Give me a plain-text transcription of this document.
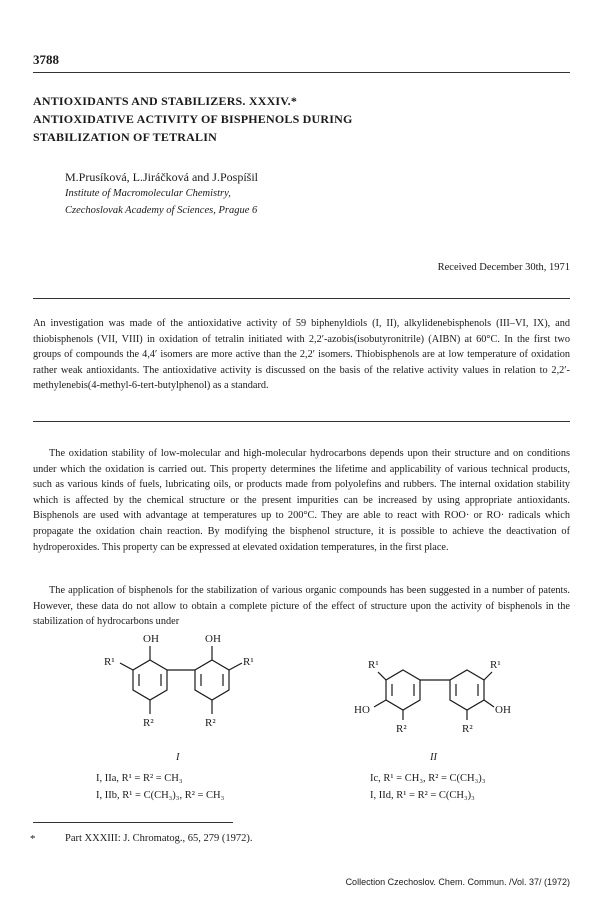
3788
ANTIOXIDANTS AND STABILIZERS. XXXIV.*
ANTIOXIDATIVE ACTIVITY OF BISPHENOLS DURING
STABILIZATION OF TETRALIN
M.Prusíková, L.Jiráčková and J.Pospíšil
Institute of Macromolecular Chemistry,
Czechoslovak Academy of Sciences, Prague 6
Received December 30th, 1971

An investigation was made of the antioxidative activity of 59 biphenyldiols (I, II), alkylidenebisphenols (III–VI, IX), and thiobisphenols (VII, VIII) in oxidation of tetralin initiated with 2,2′-azobis(isobutyronitrile) (AIBN) at 60°C. In the first two groups of compounds the 4,4′ isomers are more active than the 2,2′ isomers. Thiobisphenols are at low temperature of oxidation rather weak antioxidants. The antioxidative activity is discussed on the basis of the relative activity values in relation to 2,2′-methylenebis(4-methyl-6-tert-butylphenol) as a standard.

The oxidation stability of low-molecular and high-molecular hydrocarbons depends upon their structure and on conditions under which the oxidation is carried out. This property determines the lifetime and applicability of various technical products, such as various kinds of fuels, lubricating oils, or products made from polyolefins and rubbers. The internal oxidation stability which is affected by the chemical structure or the present impurities can be increased by using appropriate antioxidants. Bisphenols are used with advantage at temperatures up to 200°C. They are able to react with ROO· or RO· radicals which propagate the oxidation chain reaction. By modifying the bisphenol structure, it is possible to achieve the deactivation of hydroperoxides. This property can be expressed at elevated oxidation temperatures, in the first place.

The application of bisphenols for the stabilization of various organic compounds has been suggested in a number of patents. However, these data do not allow to obtain a complete picture of the effect of structure upon the activity of bisphenols in the stabilization of hydrocarbons under

OH	OH
R¹	R¹
R²	R²
R¹	R¹
HO	OH
R²	R²
I	II
I, IIa, R¹ = R² = CH₃
I, IIb, R¹ = C(CH₃)₃, R² = CH₃
Ic, R¹ = CH₃, R² = C(CH₃)₃
I, IId, R¹ = R² = C(CH₃)₃
*	Part XXXIII: J. Chromatog., 65, 279 (1972).
Collection Czechoslov. Chem. Commun. /Vol. 37/ (1972)
